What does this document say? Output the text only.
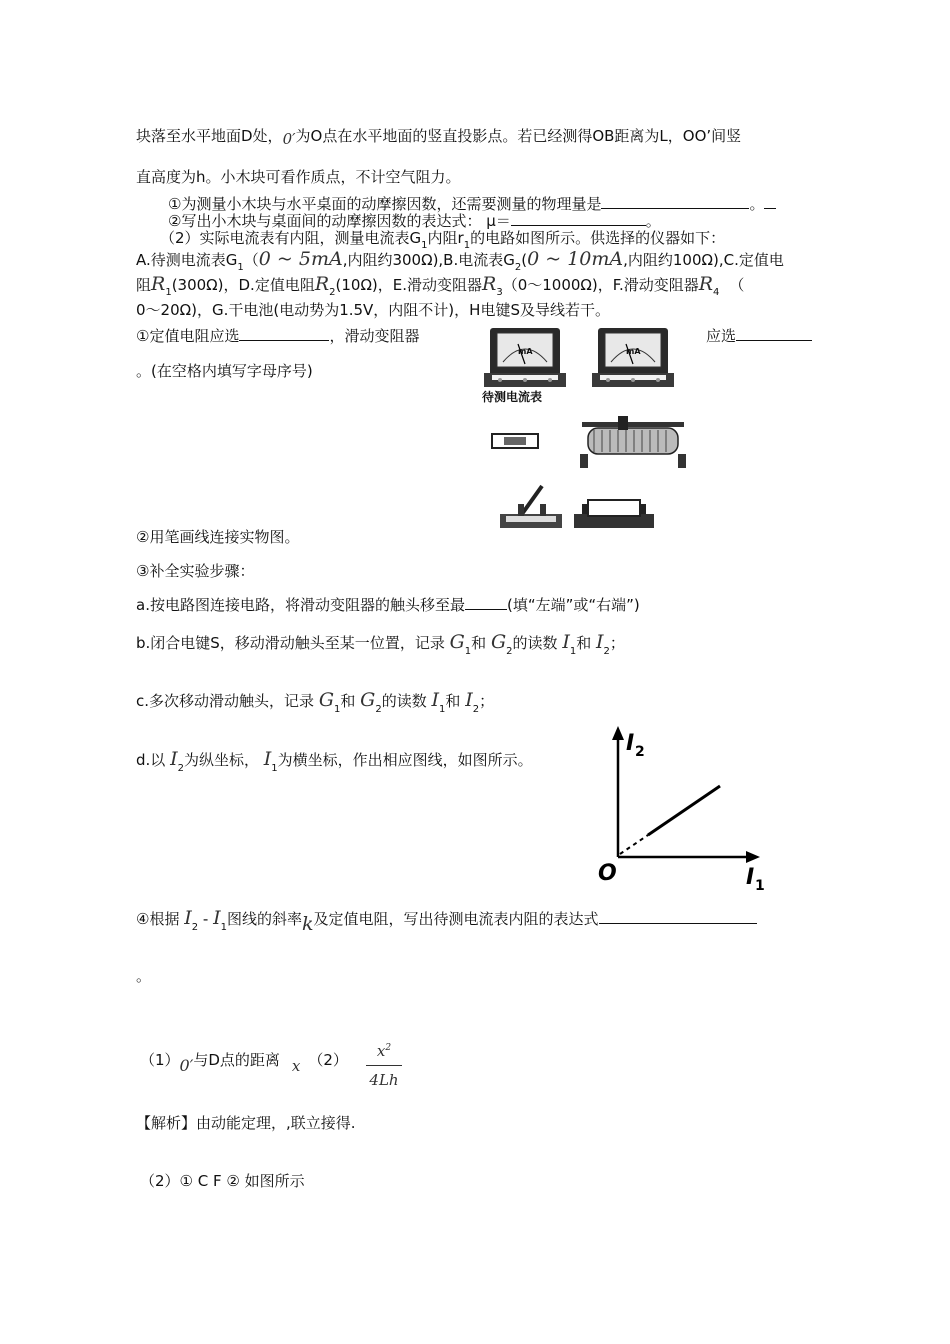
块落至水平地面D处，0′为O点在水平地面的竖直投影点。若已经测得OB距离为L，OO’间竖
直高度为h。小木块可看作质点，不计空气阻力。
①为测量小木块与水平桌面的动摩擦因数，还需要测量的物理量是	。
②写出小木块与桌面间的动摩擦因数的表达式： μ＝	。
（2）实际电流表有内阻，测量电流表$G_1$内阻$r_1$的电路如图所示。供选择的仪器如下：
A.待测电流表$G_1(0$ ~ 5mA,内阻约300Ω),B.电流表$G_2(0$ ~ 10mA,内阻约100Ω),C.定值电
阻$R_1(300\Omega)$，D.定值电阻$R_2(10\Omega)$，E.滑动变阻器$R_3(0\sim 1000\Omega)$，F.滑动变阻器$R_4$ （
0～20Ω)，G.干电池(电动势为1.5V，内阻不计)，H电键S及导线若干。
①定值电阻应选	，滑动变阻器	应选
。(在空格内填写字母序号)
mA
待测电流表
mA
②用笔画线连接实物图。
③补全实验步骤：
a.按电路图连接电路，将滑动变阻器的触头移至最	(填“左端”或“右端”)
b.闭合电键S，移动滑动触头至某一位置，记录 $G_1$和 $G_2$的读数 $I_1$和 $I_2$；
c.多次移动滑动触头，记录 $G_1$和 $G_2$的读数 $I_1$和 $I_2$；
d.以 $I_2$为纵坐标， $I_1$为横坐标，作出相应图线，如图所示。
I 2
O	I 1
④根据 $I_2 - I_1$图线的斜率k及定值电阻，写出待测电流表内阻的表达式
。
（1）0′与D点的距离 x （2）	$x^2$
4Lh
【解析】由动能定理，,联立接得.
（2）① C F ② 如图所示
